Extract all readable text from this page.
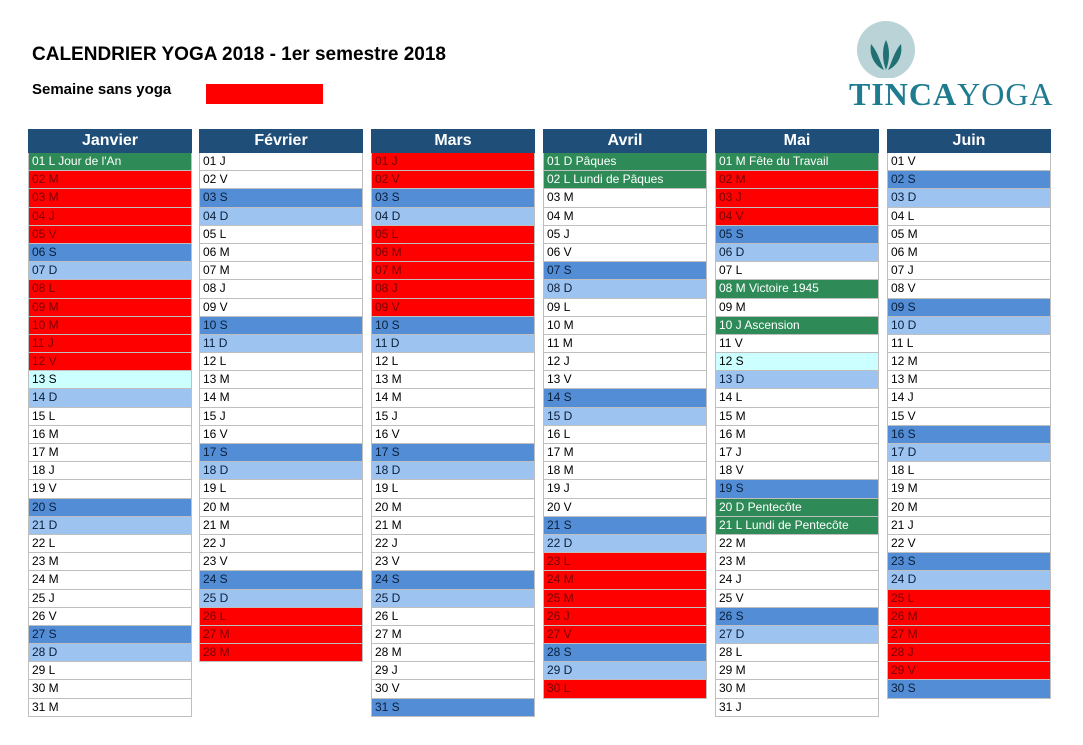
CALENDRIER YOGA 2018 - 1er semestre 2018
Semaine sans yoga	TINCAYOGA
Janvier
01 L Jour de l'An
02 M
03 M
04 J
05 V
06 S
07 D
08 L
09 M
10 M
11 J
12 V
13 S
14 D
15 L
16 M
17 M
18 J
19 V
20 S
21 D
22 L
23 M
24 M
25 J
26 V
27 S
28 D
29 L
30 M
31 M
Février
01 J
02 V
03 S
04 D
05 L
06 M
07 M
08 J
09 V
10 S
11 D
12 L
13 M
14 M
15 J
16 V
17 S
18 D
19 L
20 M
21 M
22 J
23 V
24 S
25 D
26 L
27 M
28 M
Mars
01 J
02 V
03 S
04 D
05 L
06 M
07 M
08 J
09 V
10 S
11 D
12 L
13 M
14 M
15 J
16 V
17 S
18 D
19 L
20 M
21 M
22 J
23 V
24 S
25 D
26 L
27 M
28 M
29 J
30 V
31 S
Avril
01 D Pâques
02 L Lundi de Pâques
03 M
04 M
05 J
06 V
07 S
08 D
09 L
10 M
11 M
12 J
13 V
14 S
15 D
16 L
17 M
18 M
19 J
20 V
21 S
22 D
23 L
24 M
25 M
26 J
27 V
28 S
29 D
30 L
Mai
01 M Fête du Travail
02 M
03 J
04 V
05 S
06 D
07 L
08 M Victoire 1945
09 M
10 J Ascension
11 V
12 S
13 D
14 L
15 M
16 M
17 J
18 V
19 S
20 D Pentecôte
21 L Lundi de Pentecôte
22 M
23 M
24 J
25 V
26 S
27 D
28 L
29 M
30 M
31 J
Juin
01 V
02 S
03 D
04 L
05 M
06 M
07 J
08 V
09 S
10 D
11 L
12 M
13 M
14 J
15 V
16 S
17 D
18 L
19 M
20 M
21 J
22 V
23 S
24 D
25 L
26 M
27 M
28 J
29 V
30 S
